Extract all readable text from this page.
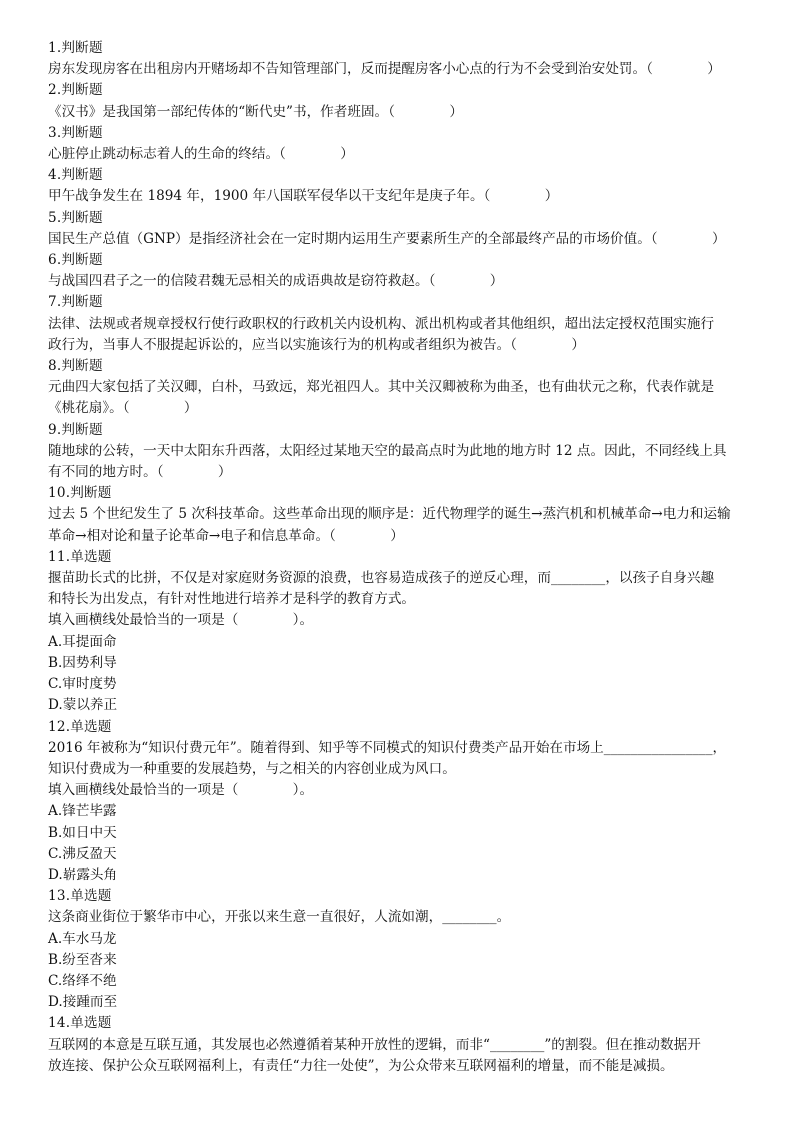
1.判断题
房东发现房客在出租房内开赌场却不告知管理部门，反而提醒房客小心点的行为不会受到治安处罚。（　　　　）
2.判断题
《汉书》是我国第一部纪传体的“断代史”书，作者班固。（　　　　）
3.判断题
心脏停止跳动标志着人的生命的终结。（　　　　）
4.判断题
甲午战争发生在 1894 年，1900 年八国联军侵华以干支纪年是庚子年。（　　　　）
5.判断题
国民生产总值（GNP）是指经济社会在一定时期内运用生产要素所生产的全部最终产品的市场价值。（　　　　）
6.判断题
与战国四君子之一的信陵君魏无忌相关的成语典故是窃符救赵。（　　　　）
7.判断题
法律、法规或者规章授权行使行政职权的行政机关内设机构、派出机构或者其他组织，超出法定授权范围实施行
政行为，当事人不服提起诉讼的，应当以实施该行为的机构或者组织为被告。（　　　　）
8.判断题
元曲四大家包括了关汉卿，白朴，马致远，郑光祖四人。其中关汉卿被称为曲圣，也有曲状元之称，代表作就是
《桃花扇》。（　　　　）
9.判断题
随地球的公转，一天中太阳东升西落，太阳经过某地天空的最高点时为此地的地方时 12 点。因此，不同经线上具
有不同的地方时。（　　　　）
10.判断题
过去 5 个世纪发生了 5 次科技革命。这些革命出现的顺序是：近代物理学的诞生→蒸汽机和机械革命→电力和运输
革命→相对论和量子论革命→电子和信息革命。（　　　　）
11.单选题
揠苗助长式的比拼，不仅是对家庭财务资源的浪费，也容易造成孩子的逆反心理，而________，以孩子自身兴趣
和特长为出发点，有针对性地进行培养才是科学的教育方式。
填入画横线处最恰当的一项是（　　　　）。
A.耳提面命
B.因势利导
C.审时度势
D.蒙以养正
12.单选题
2016 年被称为“知识付费元年”。随着得到、知乎等不同模式的知识付费类产品开始在市场上________________，
知识付费成为一种重要的发展趋势，与之相关的内容创业成为风口。
填入画横线处最恰当的一项是（　　　　）。
A.锋芒毕露
B.如日中天
C.沸反盈天
D.崭露头角
13.单选题
这条商业街位于繁华市中心，开张以来生意一直很好，人流如潮，________。
A.车水马龙
B.纷至沓来
C.络绎不绝
D.接踵而至
14.单选题
互联网的本意是互联互通，其发展也必然遵循着某种开放性的逻辑，而非“________”的割裂。但在推动数据开
放连接、保护公众互联网福利上，有责任“力往一处使”，为公众带来互联网福利的增量，而不能是减损。
